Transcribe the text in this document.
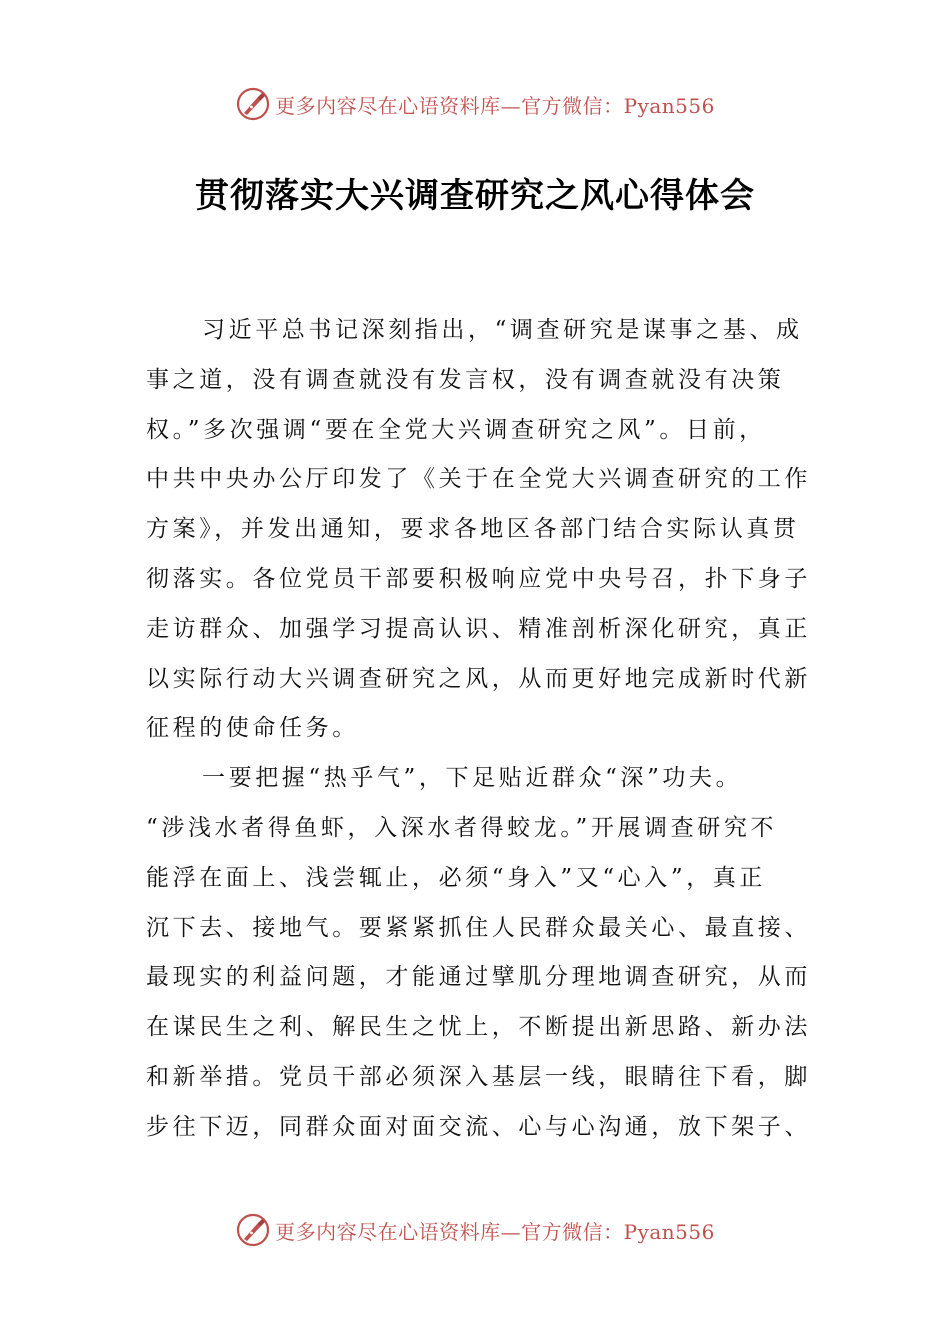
更多内容尽在心语资料库—官方微信：Pyan556
贯彻落实大兴调查研究之风心得体会
习近平总书记深刻指出，“调查研究是谋事之基、成
事之道，没有调查就没有发言权，没有调查就没有决策
权。”多次强调“要在全党大兴调查研究之风”。日前，
中共中央办公厅印发了《关于在全党大兴调查研究的工作
方案》，并发出通知，要求各地区各部门结合实际认真贯
彻落实。各位党员干部要积极响应党中央号召，扑下身子
走访群众、加强学习提高认识、精准剖析深化研究，真正
以实际行动大兴调查研究之风，从而更好地完成新时代新
征程的使命任务。
一要把握“热乎气”，下足贴近群众“深”功夫。
“涉浅水者得鱼虾，入深水者得蛟龙。”开展调查研究不
能浮在面上、浅尝辄止，必须“身入”又“心入”，真正
沉下去、接地气。要紧紧抓住人民群众最关心、最直接、
最现实的利益问题，才能通过擘肌分理地调查研究，从而
在谋民生之利、解民生之忧上，不断提出新思路、新办法
和新举措。党员干部必须深入基层一线，眼睛往下看，脚
步往下迈，同群众面对面交流、心与心沟通，放下架子、
更多内容尽在心语资料库—官方微信：Pyan556
